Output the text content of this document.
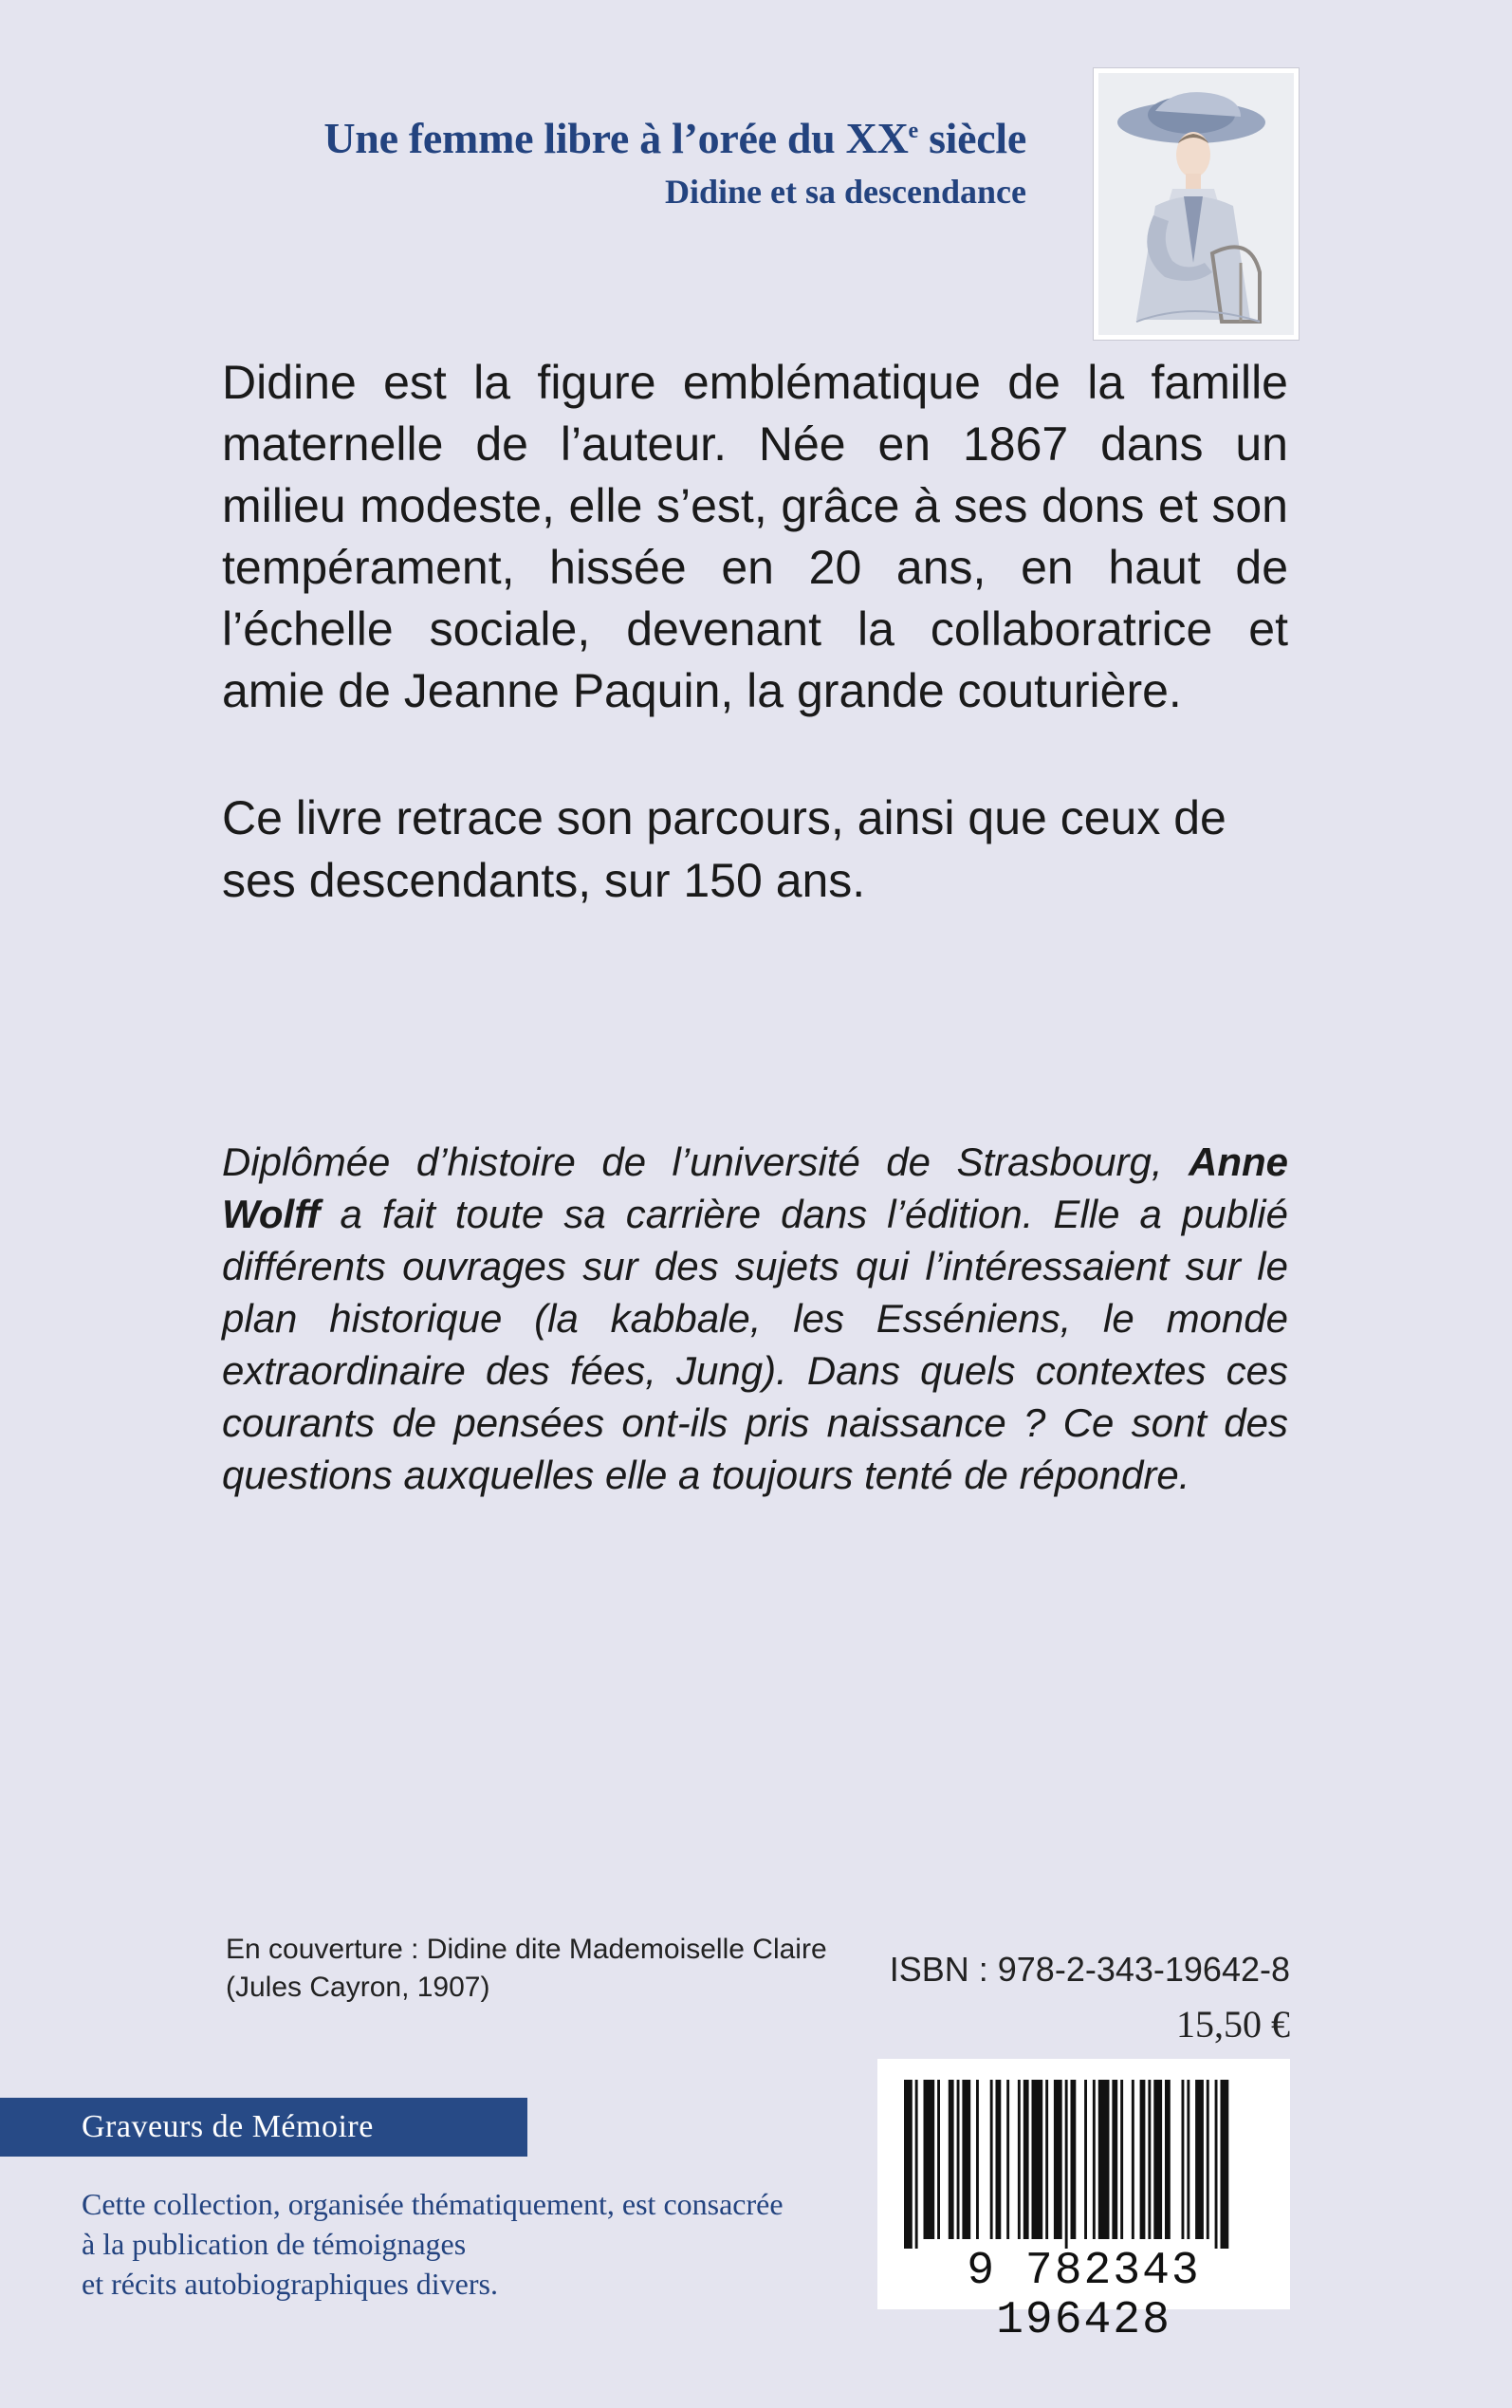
Une femme libre à l’orée du XXe siècle

Didine et sa descendance

Didine est la figure emblématique de la famille maternelle de l’auteur. Née en 1867 dans un milieu modeste, elle s’est, grâce à ses dons et son tempérament, hissée en 20 ans, en haut de l’échelle sociale, devenant la collaboratrice et amie de Jeanne Paquin, la grande couturière.

Ce livre retrace son parcours, ainsi que ceux de ses descendants, sur 150 ans.

Diplômée d’histoire de l’université de Strasbourg, Anne Wolff a fait toute sa carrière dans l’édition. Elle a publié différents ouvrages sur des sujets qui l’intéressaient sur le plan historique (la kabbale, les Esséniens, le monde extraordinaire des fées, Jung). Dans quels contextes ces courants de pensées ont-ils pris naissance ? Ce sont des questions auxquelles elle a toujours tenté de répondre.

En couverture : Didine dite Mademoiselle Claire
(Jules Cayron, 1907)	ISBN : 978-2-343-19642-8
15,50 €
Graveurs de Mémoire
Cette collection, organisée thématiquement, est consacrée
à la publication de témoignages
et récits autobiographiques divers.	9 782343 196428
